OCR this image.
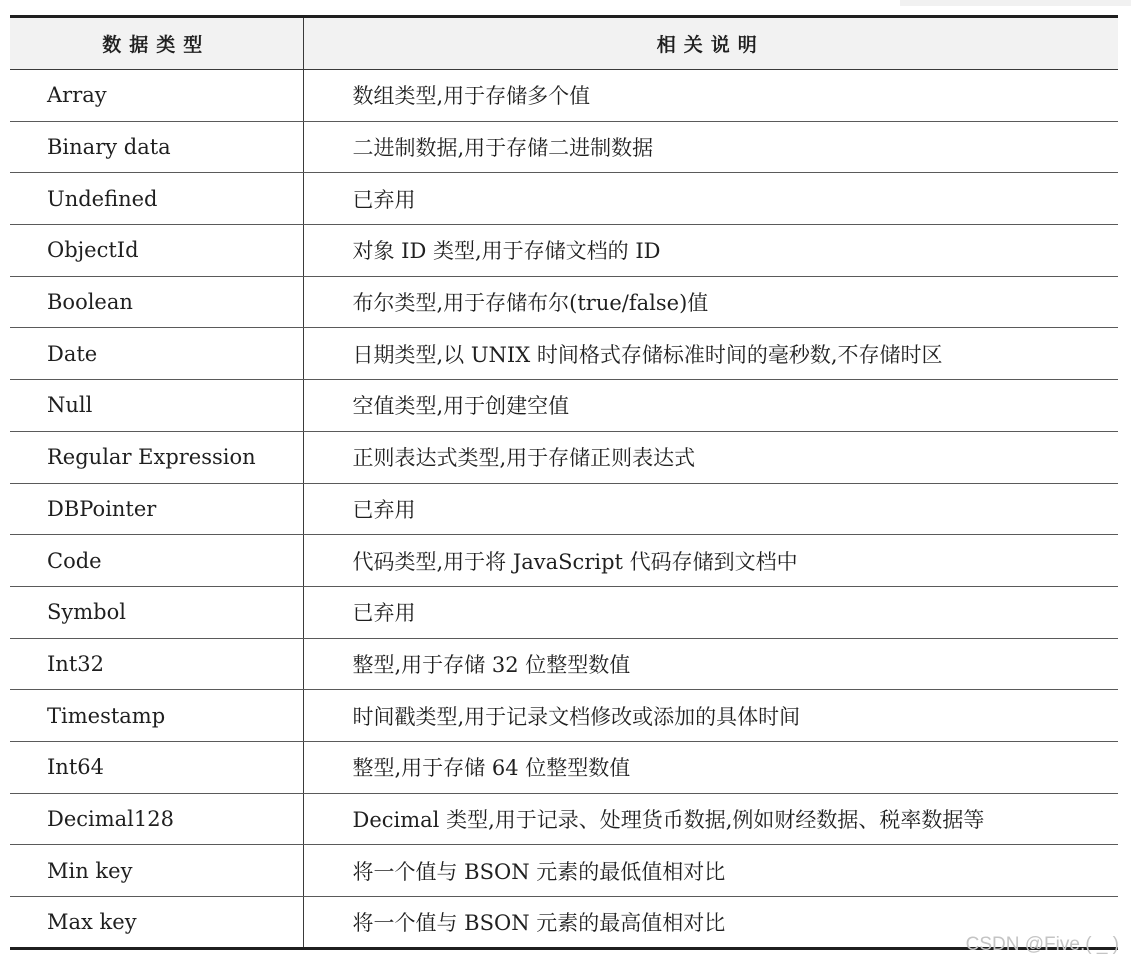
数据类型	相关说明
Array	数组类型,用于存储多个值
Binary data	二进制数据,用于存储二进制数据
Undefined	已弃用
ObjectId	对象 ID 类型,用于存储文档的 ID
Boolean	布尔类型,用于存储布尔(true/false)值
Date	日期类型,以 UNIX 时间格式存储标准时间的毫秒数,不存储时区
Null	空值类型,用于创建空值
Regular Expression	正则表达式类型,用于存储正则表达式
DBPointer	已弃用
Code	代码类型,用于将 JavaScript 代码存储到文档中
Symbol	已弃用
Int32	整型,用于存储 32 位整型数值
Timestamp	时间戳类型,用于记录文档修改或添加的具体时间
Int64	整型,用于存储 64 位整型数值
Decimal128	Decimal 类型,用于记录、处理货币数据,例如财经数据、税率数据等
Min key	将一个值与 BSON 元素的最低值相对比
Max key	将一个值与 BSON 元素的最高值相对比
CSDN @Five.( _ )
